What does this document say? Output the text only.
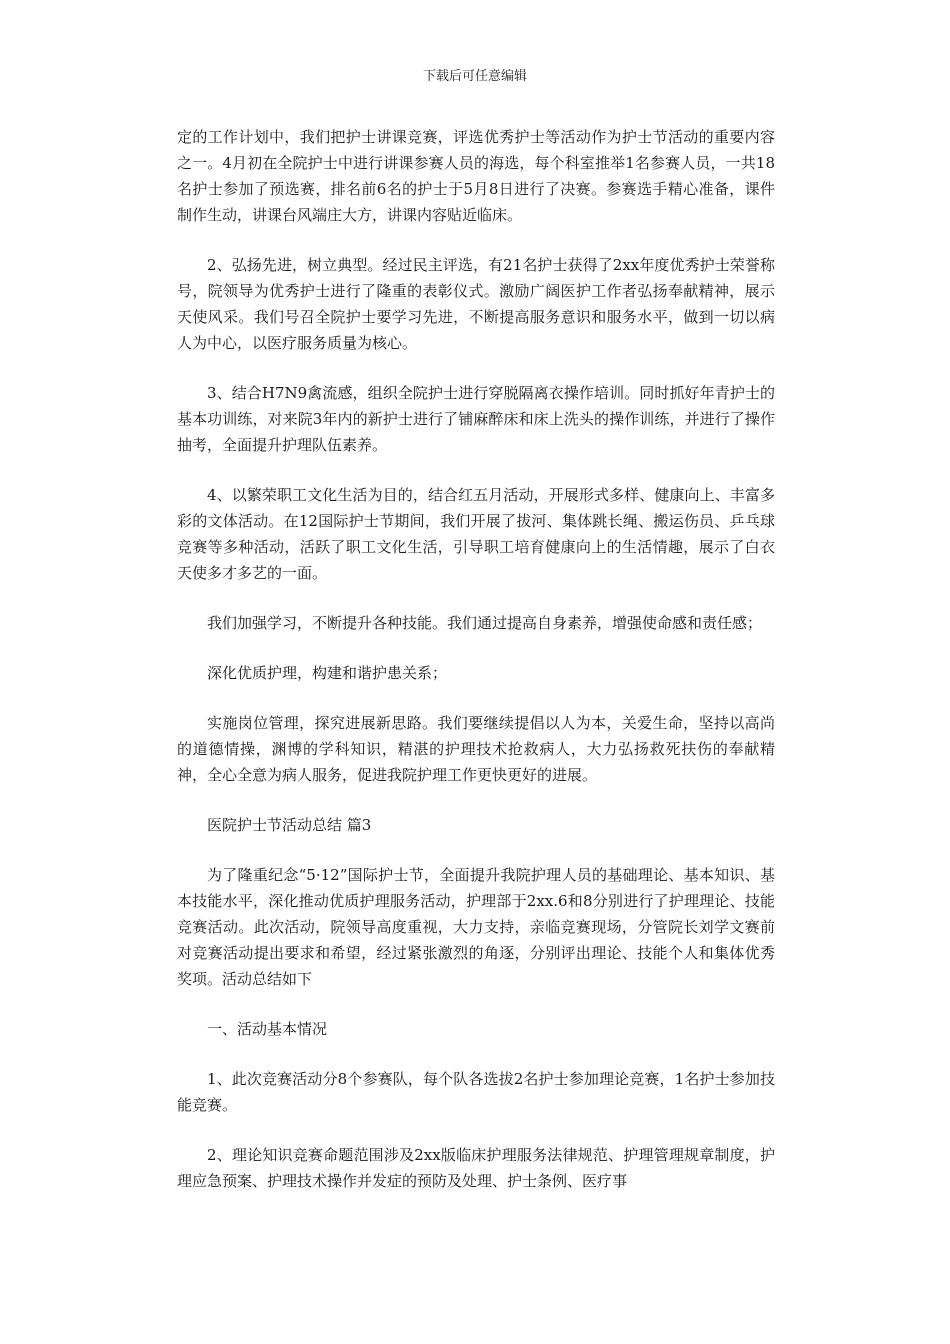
下载后可任意编辑

定的工作计划中，我们把护士讲课竞赛，评选优秀护士等活动作为护士节活动的重要内容之一。4月初在全院护士中进行讲课参赛人员的海选，每个科室推举1名参赛人员，一共18名护士参加了预选赛，排名前6名的护士于5月8日进行了决赛。参赛选手精心准备，课件制作生动，讲课台风端庄大方，讲课内容贴近临床。

2、弘扬先进，树立典型。经过民主评选，有21名护士获得了2xx年度优秀护士荣誉称号，院领导为优秀护士进行了隆重的表彰仪式。激励广阔医护工作者弘扬奉献精神，展示天使风采。我们号召全院护士要学习先进，不断提高服务意识和服务水平，做到一切以病人为中心，以医疗服务质量为核心。

3、结合H7N9禽流感，组织全院护士进行穿脱隔离衣操作培训。同时抓好年青护士的基本功训练，对来院3年内的新护士进行了铺麻醉床和床上洗头的操作训练，并进行了操作抽考，全面提升护理队伍素养。

4、以繁荣职工文化生活为目的，结合红五月活动，开展形式多样、健康向上、丰富多彩的文体活动。在12国际护士节期间，我们开展了拔河、集体跳长绳、搬运伤员、乒乓球竞赛等多种活动，活跃了职工文化生活，引导职工培育健康向上的生活情趣，展示了白衣天使多才多艺的一面。

我们加强学习，不断提升各种技能。我们通过提高自身素养，增强使命感和责任感；

深化优质护理，构建和谐护患关系；

实施岗位管理，探究进展新思路。我们要继续提倡以人为本，关爱生命，坚持以高尚的道德情操，渊博的学科知识，精湛的护理技术抢救病人，大力弘扬救死扶伤的奉献精神，全心全意为病人服务，促进我院护理工作更快更好的进展。

医院护士节活动总结 篇3

为了隆重纪念“5·12”国际护士节，全面提升我院护理人员的基础理论、基本知识、基本技能水平，深化推动优质护理服务活动，护理部于2xx.6和8分别进行了护理理论、技能竞赛活动。此次活动，院领导高度重视，大力支持，亲临竞赛现场，分管院长刘学文赛前对竞赛活动提出要求和希望，经过紧张激烈的角逐，分别评出理论、技能个人和集体优秀奖项。活动总结如下

一、活动基本情况

1、此次竞赛活动分8个参赛队，每个队各选拔2名护士参加理论竞赛，1名护士参加技能竞赛。

2、理论知识竞赛命题范围涉及2xx版临床护理服务法律规范、护理管理规章制度，护理应急预案、护理技术操作并发症的预防及处理、护士条例、医疗事
